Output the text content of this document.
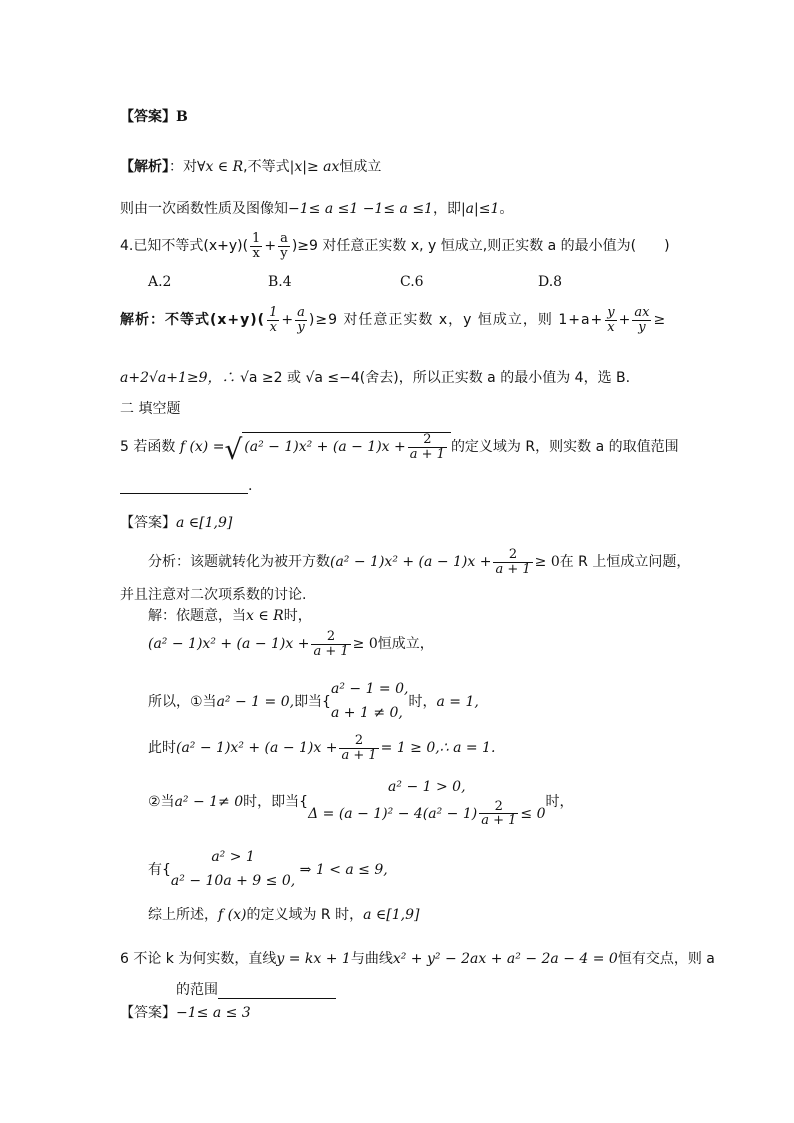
【答案】B
【解析】：对∀x ∈ R,不等式|x|≥ ax恒成立
则由一次函数性质及图像知−1≤ a ≤1 −1≤ a ≤1，即|a|≤1。
4.已知不等式$(x+y)( \frac{1}{x} + \frac{a}{y} )\ge 9$ 对任意正实数 x, y 恒成立,则正实数 a 的最小值为(　　)
A.2	B.4	C.6	D.8
解析：不等式$(x+y)( \frac{1}{x} + \frac{a}{y} )\ge 9$ 对任意正实数 x，y 恒成立，则 $1+a+ \frac{y}{x} + \frac{ax}{y}$ ≥
a+2√a+1≥9，∴ √a ≥2 或 √a ≤−4(舍去)，所以正实数 a 的最小值为 4，选 B.
二 填空题
5 若函数 f (x) =√ $(a^2 - 1)x^2 + (a - 1)x + \frac{2}{a + 1}$ 的定义域为 R，则实数 a 的取值范围
.
【答案】a ∈[1,9]
分析：该题就转化为被开方数$(a^2 - 1)x^2 + (a - 1)x + \frac{2}{a + 1} \ge 0$在 R 上恒成立问题，
并且注意对二次项系数的讨论.
解：依题意，当x ∈ R时，
$(a^2 - 1)x^2 + (a - 1)x + \frac{2}{a + 1} \ge 0$恒成立，
所以，①当a² − 1 = 0,即当{
a² − 1 = 0,
a + 1 ≠ 0,
时，a = 1,
此时$(a^2 - 1)x^2 + (a - 1)x + \frac{2}{a + 1} = 1$ ≥ 0,∴ a = 1.
②当a² − 1≠ 0时，即当{
a² − 1 > 0,
$\Delta = (a - 1)^2 - 4(a^2 - 1) \frac{2}{a + 1} \le 0$
时，
有{
a² > 1
a² − 10a + 9 ≤ 0,
⇒ 1 < a ≤ 9,
综上所述，f (x)的定义域为 R 时，a ∈[1,9]
6 不论 k 为何实数，直线y = kx + 1与曲线x² + y² − 2ax + a² − 2a − 4 = 0恒有交点，则 a
的范围
【答案】−1≤ a ≤ 3
